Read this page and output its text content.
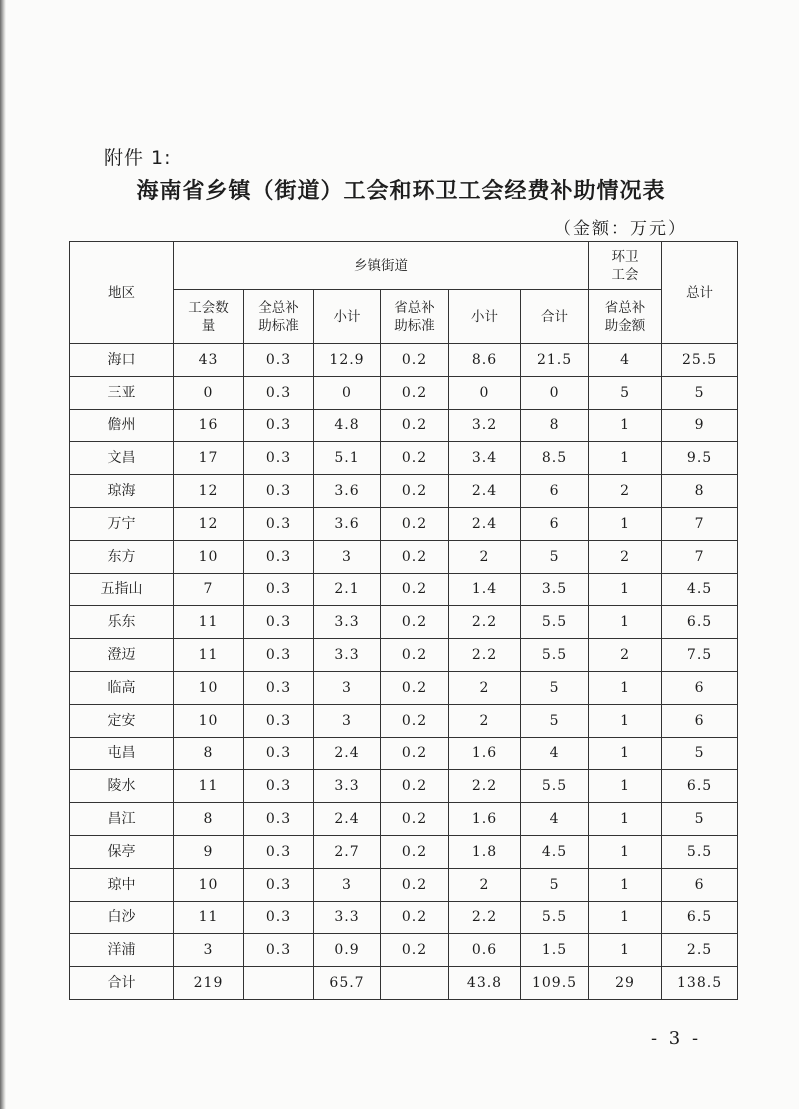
附件 1:
海南省乡镇（街道）工会和环卫工会经费补助情况表
（金额：万元）
地区	乡镇街道						环卫工会	总计

	工会数量	全总补助标准	小计	省总补助标准	小计	合计	省总补助金额	

海口	43	0.3	12.9	0.2	8.6	21.5	4	25.5
三亚	0	0.3	0	0.2	0	0	5	5
儋州	16	0.3	4.8	0.2	3.2	8	1	9
文昌	17	0.3	5.1	0.2	3.4	8.5	1	9.5
琼海	12	0.3	3.6	0.2	2.4	6	2	8
万宁	12	0.3	3.6	0.2	2.4	6	1	7
东方	10	0.3	3	0.2	2	5	2	7
五指山	7	0.3	2.1	0.2	1.4	3.5	1	4.5
乐东	11	0.3	3.3	0.2	2.2	5.5	1	6.5
澄迈	11	0.3	3.3	0.2	2.2	5.5	2	7.5
临高	10	0.3	3	0.2	2	5	1	6
定安	10	0.3	3	0.2	2	5	1	6
屯昌	8	0.3	2.4	0.2	1.6	4	1	5
陵水	11	0.3	3.3	0.2	2.2	5.5	1	6.5
昌江	8	0.3	2.4	0.2	1.6	4	1	5
保亭	9	0.3	2.7	0.2	1.8	4.5	1	5.5
琼中	10	0.3	3	0.2	2	5	1	6
白沙	11	0.3	3.3	0.2	2.2	5.5	1	6.5
洋浦	3	0.3	0.9	0.2	0.6	1.5	1	2.5
合计	219		65.7		43.8	109.5	29	138.5
- 3 -
